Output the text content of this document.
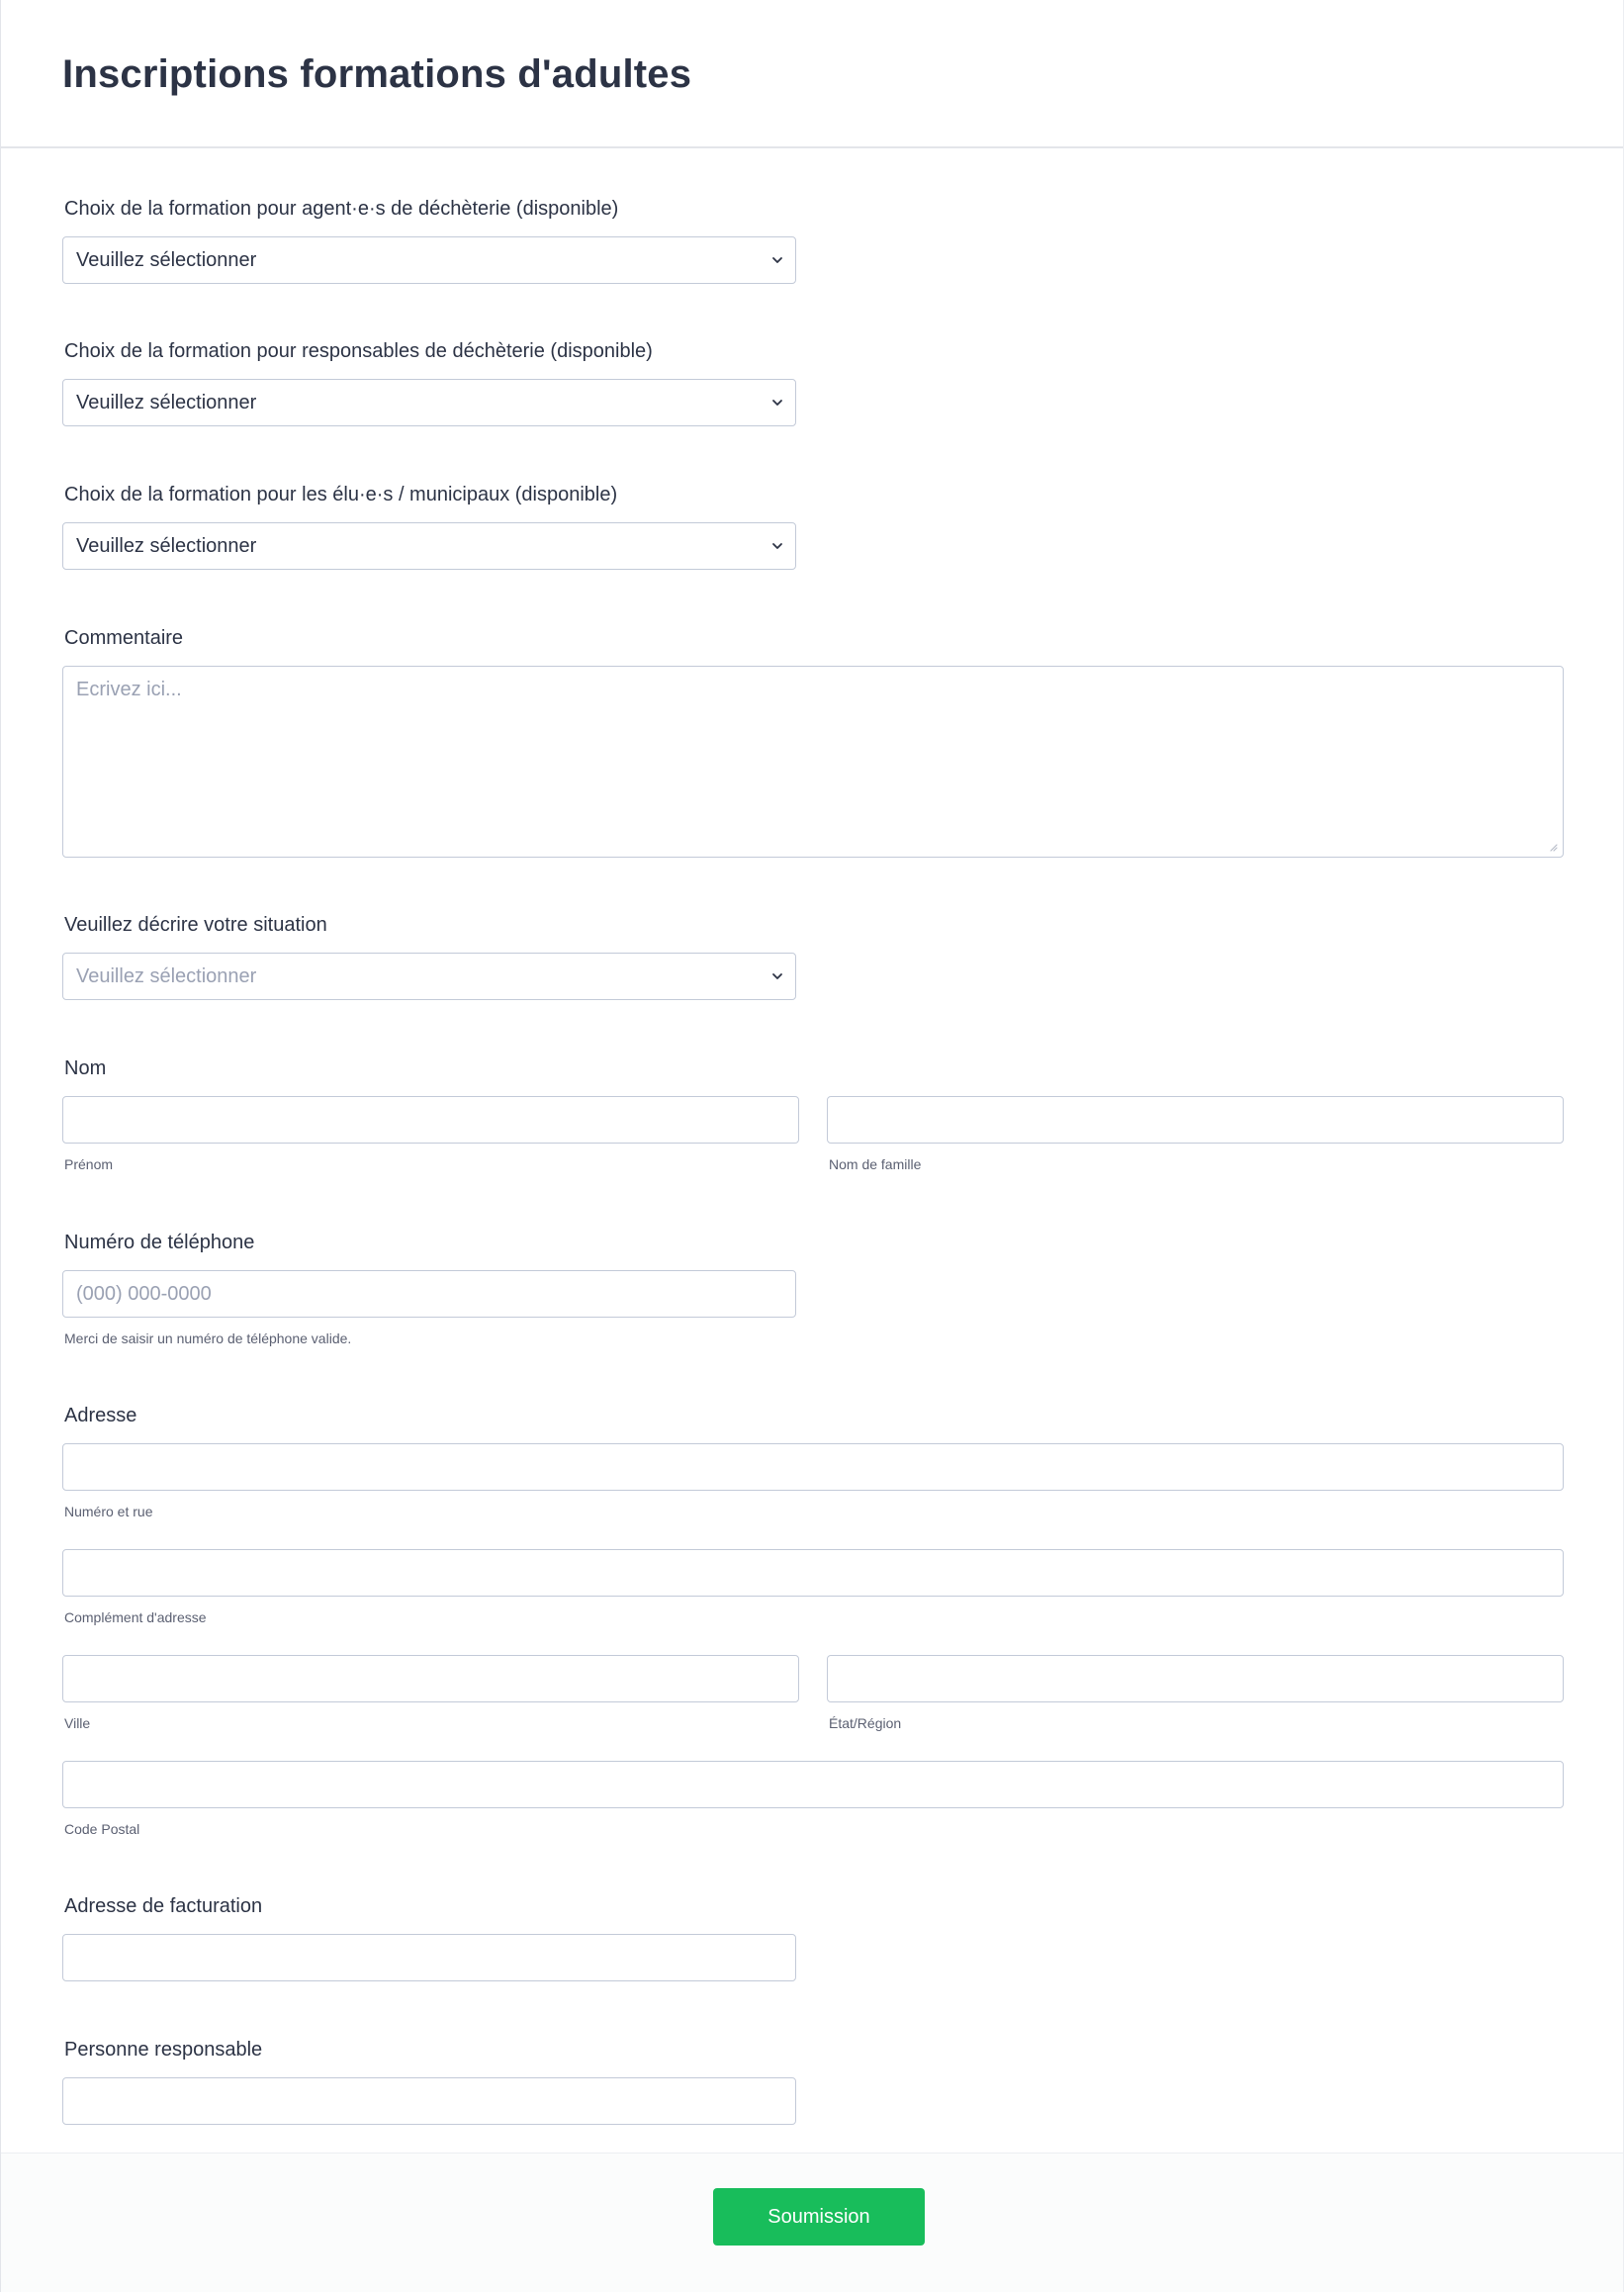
Inscriptions formations d'adultes

Choix de la formation pour agent·e·s de déchèterie (disponible)

Veuillez sélectionner

Choix de la formation pour responsables de déchèterie (disponible)

Veuillez sélectionner

Choix de la formation pour les élu·e·s / municipaux (disponible)

Veuillez sélectionner

Commentaire

Ecrivez ici...

Veuillez décrire votre situation

Veuillez sélectionner

Nom

Prénom	Nom de famille

Numéro de téléphone

(000) 000-0000
Merci de saisir un numéro de téléphone valide.

Adresse

Numéro et rue
Complément d'adresse
Ville	État/Région
Code Postal

Adresse de facturation

Personne responsable

Soumission
